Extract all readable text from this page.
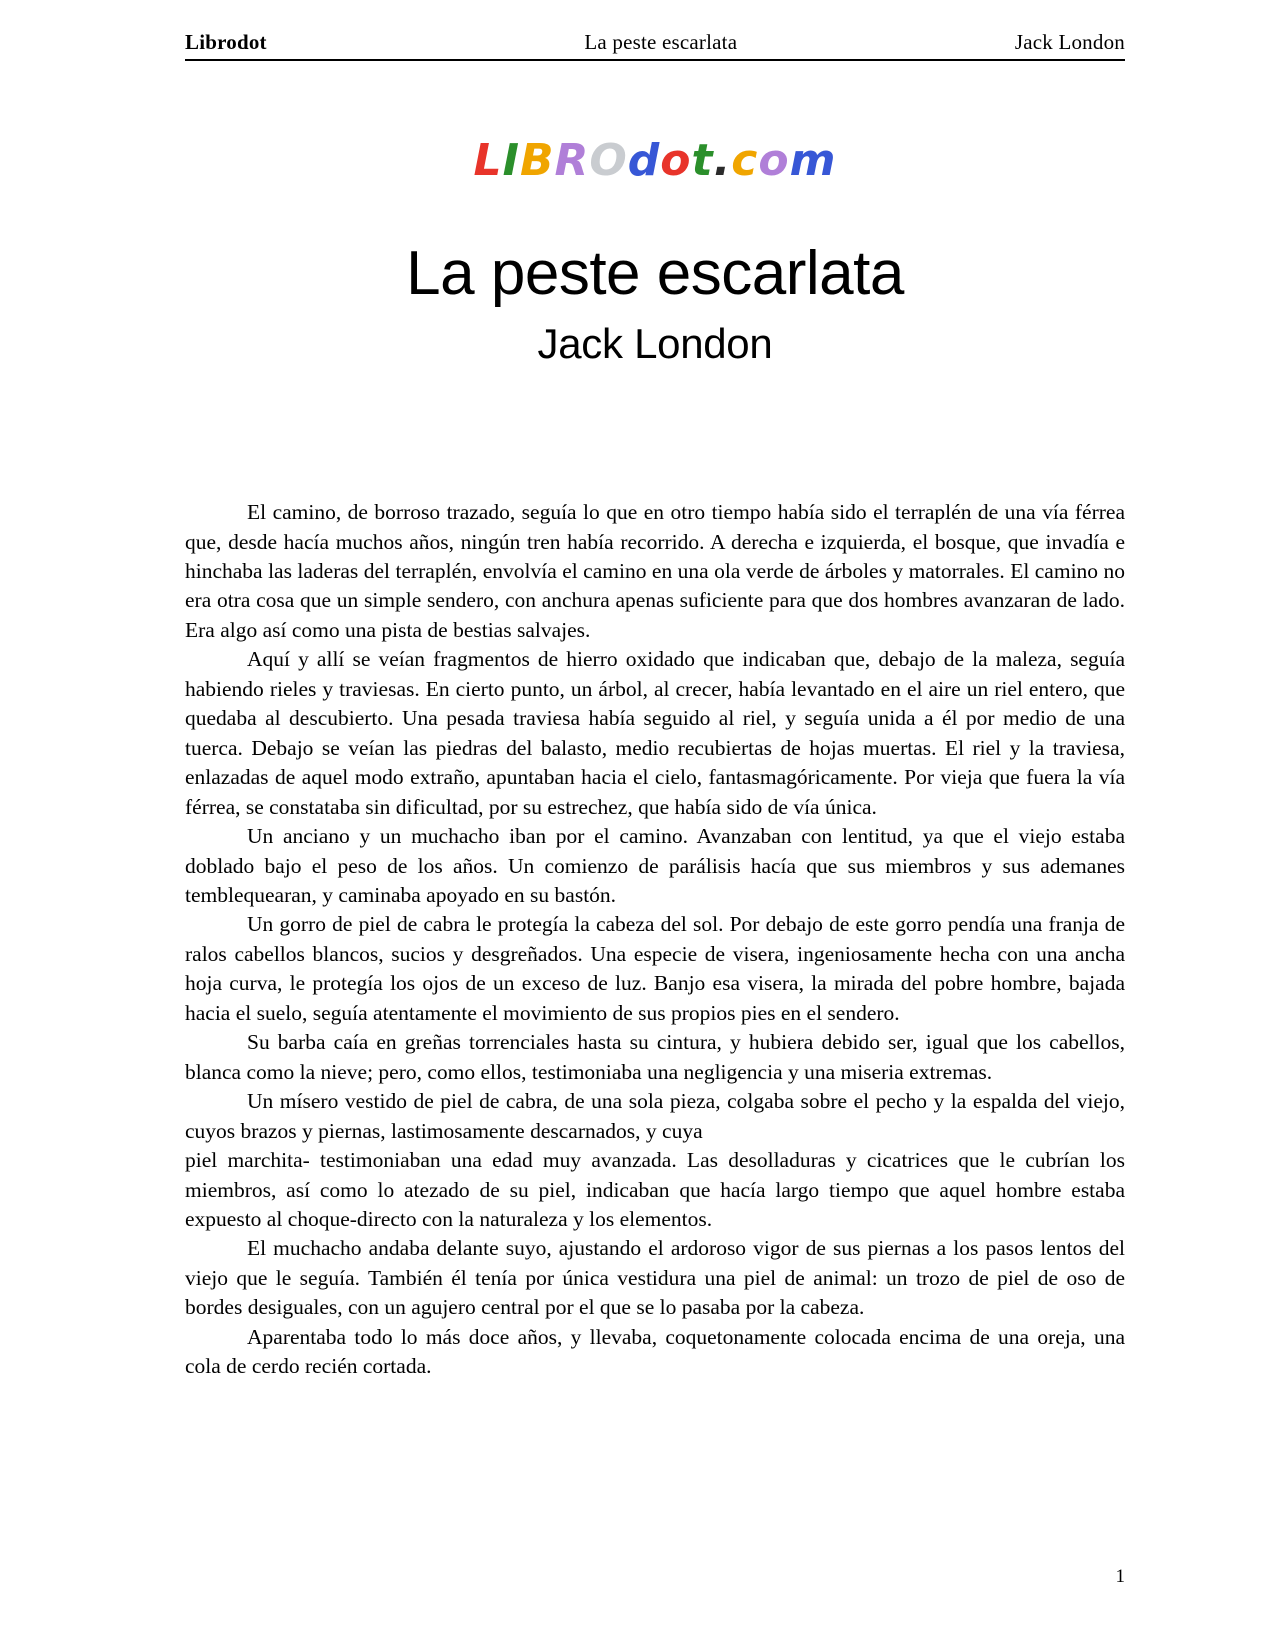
Librodot	La peste escarlata	Jack London
LIBROdot.com
La peste escarlata
Jack London

El camino, de borroso trazado, seguía lo que en otro tiempo había sido el terraplén de una vía férrea que, desde hacía muchos años, ningún tren había recorrido. A derecha e izquierda, el bosque, que invadía e hinchaba las laderas del terraplén, envolvía el camino en una ola verde de árboles y matorrales. El camino no era otra cosa que un simple sendero, con anchura apenas suficiente para que dos hombres avanzaran de lado. Era algo así como una pista de bestias salvajes.

Aquí y allí se veían fragmentos de hierro oxidado que indicaban que, debajo de la maleza, seguía habiendo rieles y traviesas. En cierto punto, un árbol, al crecer, había levantado en el aire un riel entero, que quedaba al descubierto. Una pesada traviesa había seguido al riel, y seguía unida a él por medio de una tuerca. Debajo se veían las piedras del balasto, medio recubiertas de hojas muertas. El riel y la traviesa, enlazadas de aquel modo extraño, apuntaban hacia el cielo, fantasmagóricamente. Por vieja que fuera la vía férrea, se constataba sin dificultad, por su estrechez, que había sido de vía única.

Un anciano y un muchacho iban por el camino. Avanzaban con lentitud, ya que el viejo estaba doblado bajo el peso de los años. Un comienzo de parálisis hacía que sus miembros y sus ademanes temblequearan, y caminaba apoyado en su bastón.

Un gorro de piel de cabra le protegía la cabeza del sol. Por debajo de este gorro pendía una franja de ralos cabellos blancos, sucios y desgreñados. Una especie de visera, ingeniosamente hecha con una ancha hoja curva, le protegía los ojos de un exceso de luz. Banjo esa visera, la mirada del pobre hombre, bajada hacia el suelo, seguía atentamente el movimiento de sus propios pies en el sendero.

Su barba caía en greñas torrenciales hasta su cintura, y hubiera debido ser, igual que los cabellos, blanca como la nieve; pero, como ellos, testimoniaba una negligencia y una miseria extremas.

Un mísero vestido de piel de cabra, de una sola pieza, colgaba sobre el pecho y la espalda del viejo, cuyos brazos y piernas, lastimosamente descarnados, y cuya

piel marchita- testimoniaban una edad muy avanzada. Las desolladuras y cicatrices que le cubrían los miembros, así como lo atezado de su piel, indicaban que hacía largo tiempo que aquel hombre estaba expuesto al choque-directo con la naturaleza y los elementos.

El muchacho andaba delante suyo, ajustando el ardoroso vigor de sus piernas a los pasos lentos del viejo que le seguía. También él tenía por única vestidura una piel de animal: un trozo de piel de oso de bordes desiguales, con un agujero central por el que se lo pasaba por la cabeza.

Aparentaba todo lo más doce años, y llevaba, coquetonamente colocada encima de una oreja, una cola de cerdo recién cortada.

1
